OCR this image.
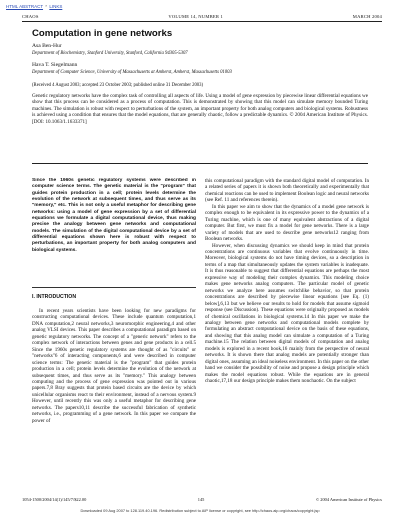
HTML ABSTRACT * LINKS
CHAOS	VOLUME 14, NUMBER 1	MARCH 2004
Computation in gene networks
Asa Ben-Hur
Department of Biochemistry, Stanford University, Stanford, California 94305-5307
Hava T. Siegelmann
Department of Computer Science, University of Massachusetts at Amherst, Amherst, Massachusetts 01003
(Received 4 August 2003; accepted 23 October 2003; published online 31 December 2003)
Genetic regulatory networks have the complex task of controlling all aspects of life. Using a model of gene expression by piecewise linear differential equations we show that this process can be considered as a process of computation. This is demonstrated by showing that this model can simulate memory bounded Turing machines. The simulation is robust with respect to perturbations of the system, an important property for both analog computers and biological systems. Robustness is achieved using a condition that ensures that the model equations, that are generally chaotic, follow a predictable dynamics. © 2004 American Institute of Physics. [DOI: 10.1063/1.1633371]
Since the 1960s genetic regulatory systems were described in computer science terms. The genetic material is the "program" that guides protein production in a cell; protein levels determine the evolution of the network at subsequent times, and thus serve as its "memory," etc. This is not only a useful metaphor for describing gene networks: using a model of gene expression by a set of differential equations we formulate a digital computational device, thus making precise the analogy between gene networks and computational models. The simulation of the digital computational device by a set of differential equations shown here is robust with respect to perturbations, an important property for both analog computers and biological systems.
I. INTRODUCTION

In recent years scientists have been looking for new paradigms for constructing computational devices. These include quantum computation,1 DNA computation,2 neural networks,3 neuromorphic engineering,4 and other analog VLSI devices. This paper describes a computational paradigm based on genetic regulatory networks. The concept of a "generic network" refers to the complex network of interactions between genes and gene products in a cell.5 Since the 1960s genetic regulatory systems are thought of as "circuits" or "networks"6 of interacting components,6 and were described in computer science terms: The genetic material is the "program" that guides protein production in a cell; protein levels determine the evolution of the network at subsequent times, and thus serve as its "memory." This analogy between computing and the process of gene expression was pointed out in various papers.7,8 Bray suggests that protein based circuits are the device by which unicellular organisms react to their environment, instead of a nervous system.9 However, until recently this was only a useful metaphor for describing gene networks. The papers10,11 describe the successful fabrication of synthetic networks, i.e., programming of a gene network. In this paper we compare the power of

this computational paradigm with the standard digital model of computation. In a related series of papers it is shown both theoretically and experimentally that chemical reactions can be used to implement Boolean logic and neural networks (see Ref. 11 and references therein).

In this paper we aim to show that the dynamics of a model gene network is complex enough to be equivalent in its expressive power to the dynamics of a Turing machine, which is one of many equivalent abstractions of a digital computer. But first, we must fix a model for gene networks. There is a large variety of models that are used to describe gene networks12 ranging from Boolean networks.

However, when discussing dynamics we should keep in mind that protein concentrations are continuous variables that evolve continuously in time. Moreover, biological systems do not have timing devices, so a description in terms of a map that simultaneously updates the system variables is inadequate. It is thus reasonable to suggest that differential equations are perhaps the most expressive way of modeling their complex dynamics. This modeling choice makes gene networks analog computers. The particular model of genetic networks we analyze here assumes switchlike behavior, so that protein concentrations are described by piecewise linear equations [see Eq. (1) below],6,13 but we believe our results to hold for models that assume sigmoid response (see Discussion). These equations were originally proposed as models of chemical oscillations in biological systems.14 In this paper we make the analogy between gene networks and computational models complete by formulating an abstract computational device on the basis of these equations, and showing that this analog model can simulate a computation of a Turing machine.15 The relation between digital models of computation and analog models is explored in a recent book,16 mainly from the perspective of neural networks. It is shown there that analog models are potentially stronger than digital ones, assuming an ideal noiseless environment. In this paper on the other hand we consider the possibility of noise and propose a design principle which makes the model equations robust. While the equations are in general chaotic,17,18 our design principle makes them nonchaotic. On the subject

1054-1500/2004/14(1)/145/7/$22.00	145	© 2004 American Institute of Physics
Downloaded 09 Aug 2007 to 128.119.40.196. Redistribution subject to AIP license or copyright, see http://chaos.aip.org/chaos/copyright.jsp
